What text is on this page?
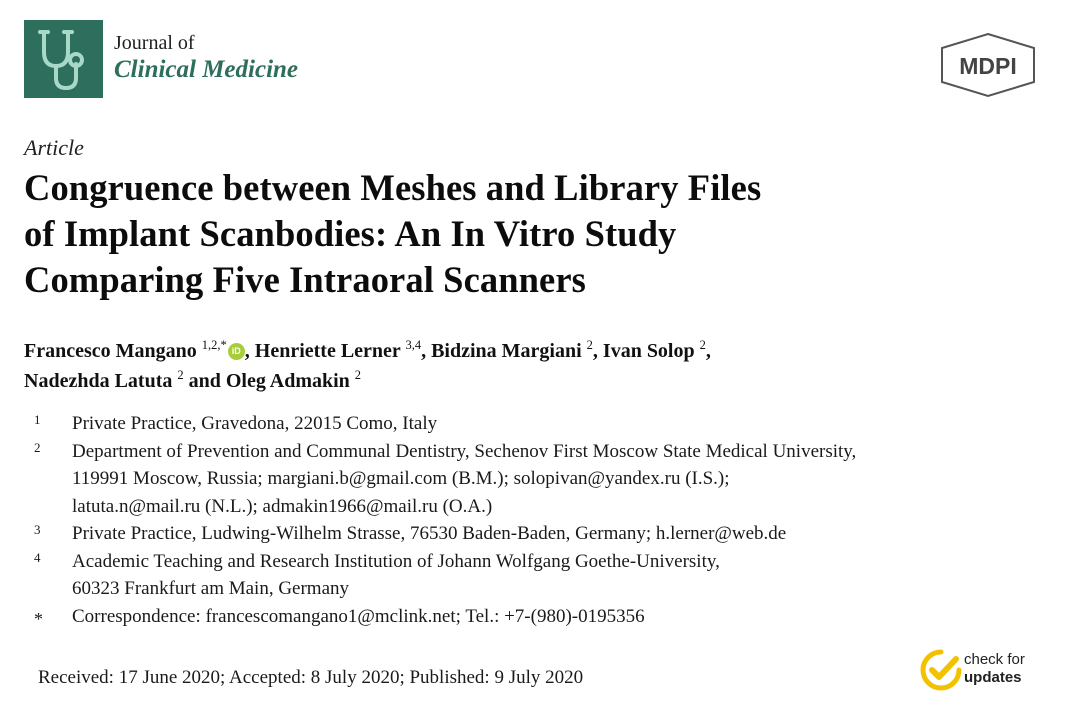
Journal of
Clinical Medicine	MDPI
Article
Congruence between Meshes and Library Files
of Implant Scanbodies: An In Vitro Study
Comparing Five Intraoral Scanners
Francesco Mangano $^{1,2,*}$ iD , Henriette Lerner $^{3,4}$, Bidzina Margiani $^2$, Ivan Solop $^2$,
Nadezhda Latuta $^2$ and Oleg Admakin $^2$
1	Private Practice, Gravedona, 22015 Como, Italy
2	Department of Prevention and Communal Dentistry, Sechenov First Moscow State Medical University,
119991 Moscow, Russia; margiani.b@gmail.com (B.M.); solopivan@yandex.ru (I.S.);
latuta.n@mail.ru (N.L.); admakin1966@mail.ru (O.A.)
3	Private Practice, Ludwing-Wilhelm Strasse, 76530 Baden-Baden, Germany; h.lerner@web.de
4	Academic Teaching and Research Institution of Johann Wolfgang Goethe-University,
60323 Frankfurt am Main, Germany
*	Correspondence: francescomangano1@mclink.net; Tel.: +7-(980)-0195356
Received: 17 June 2020; Accepted: 8 July 2020; Published: 9 July 2020
check for
updates
